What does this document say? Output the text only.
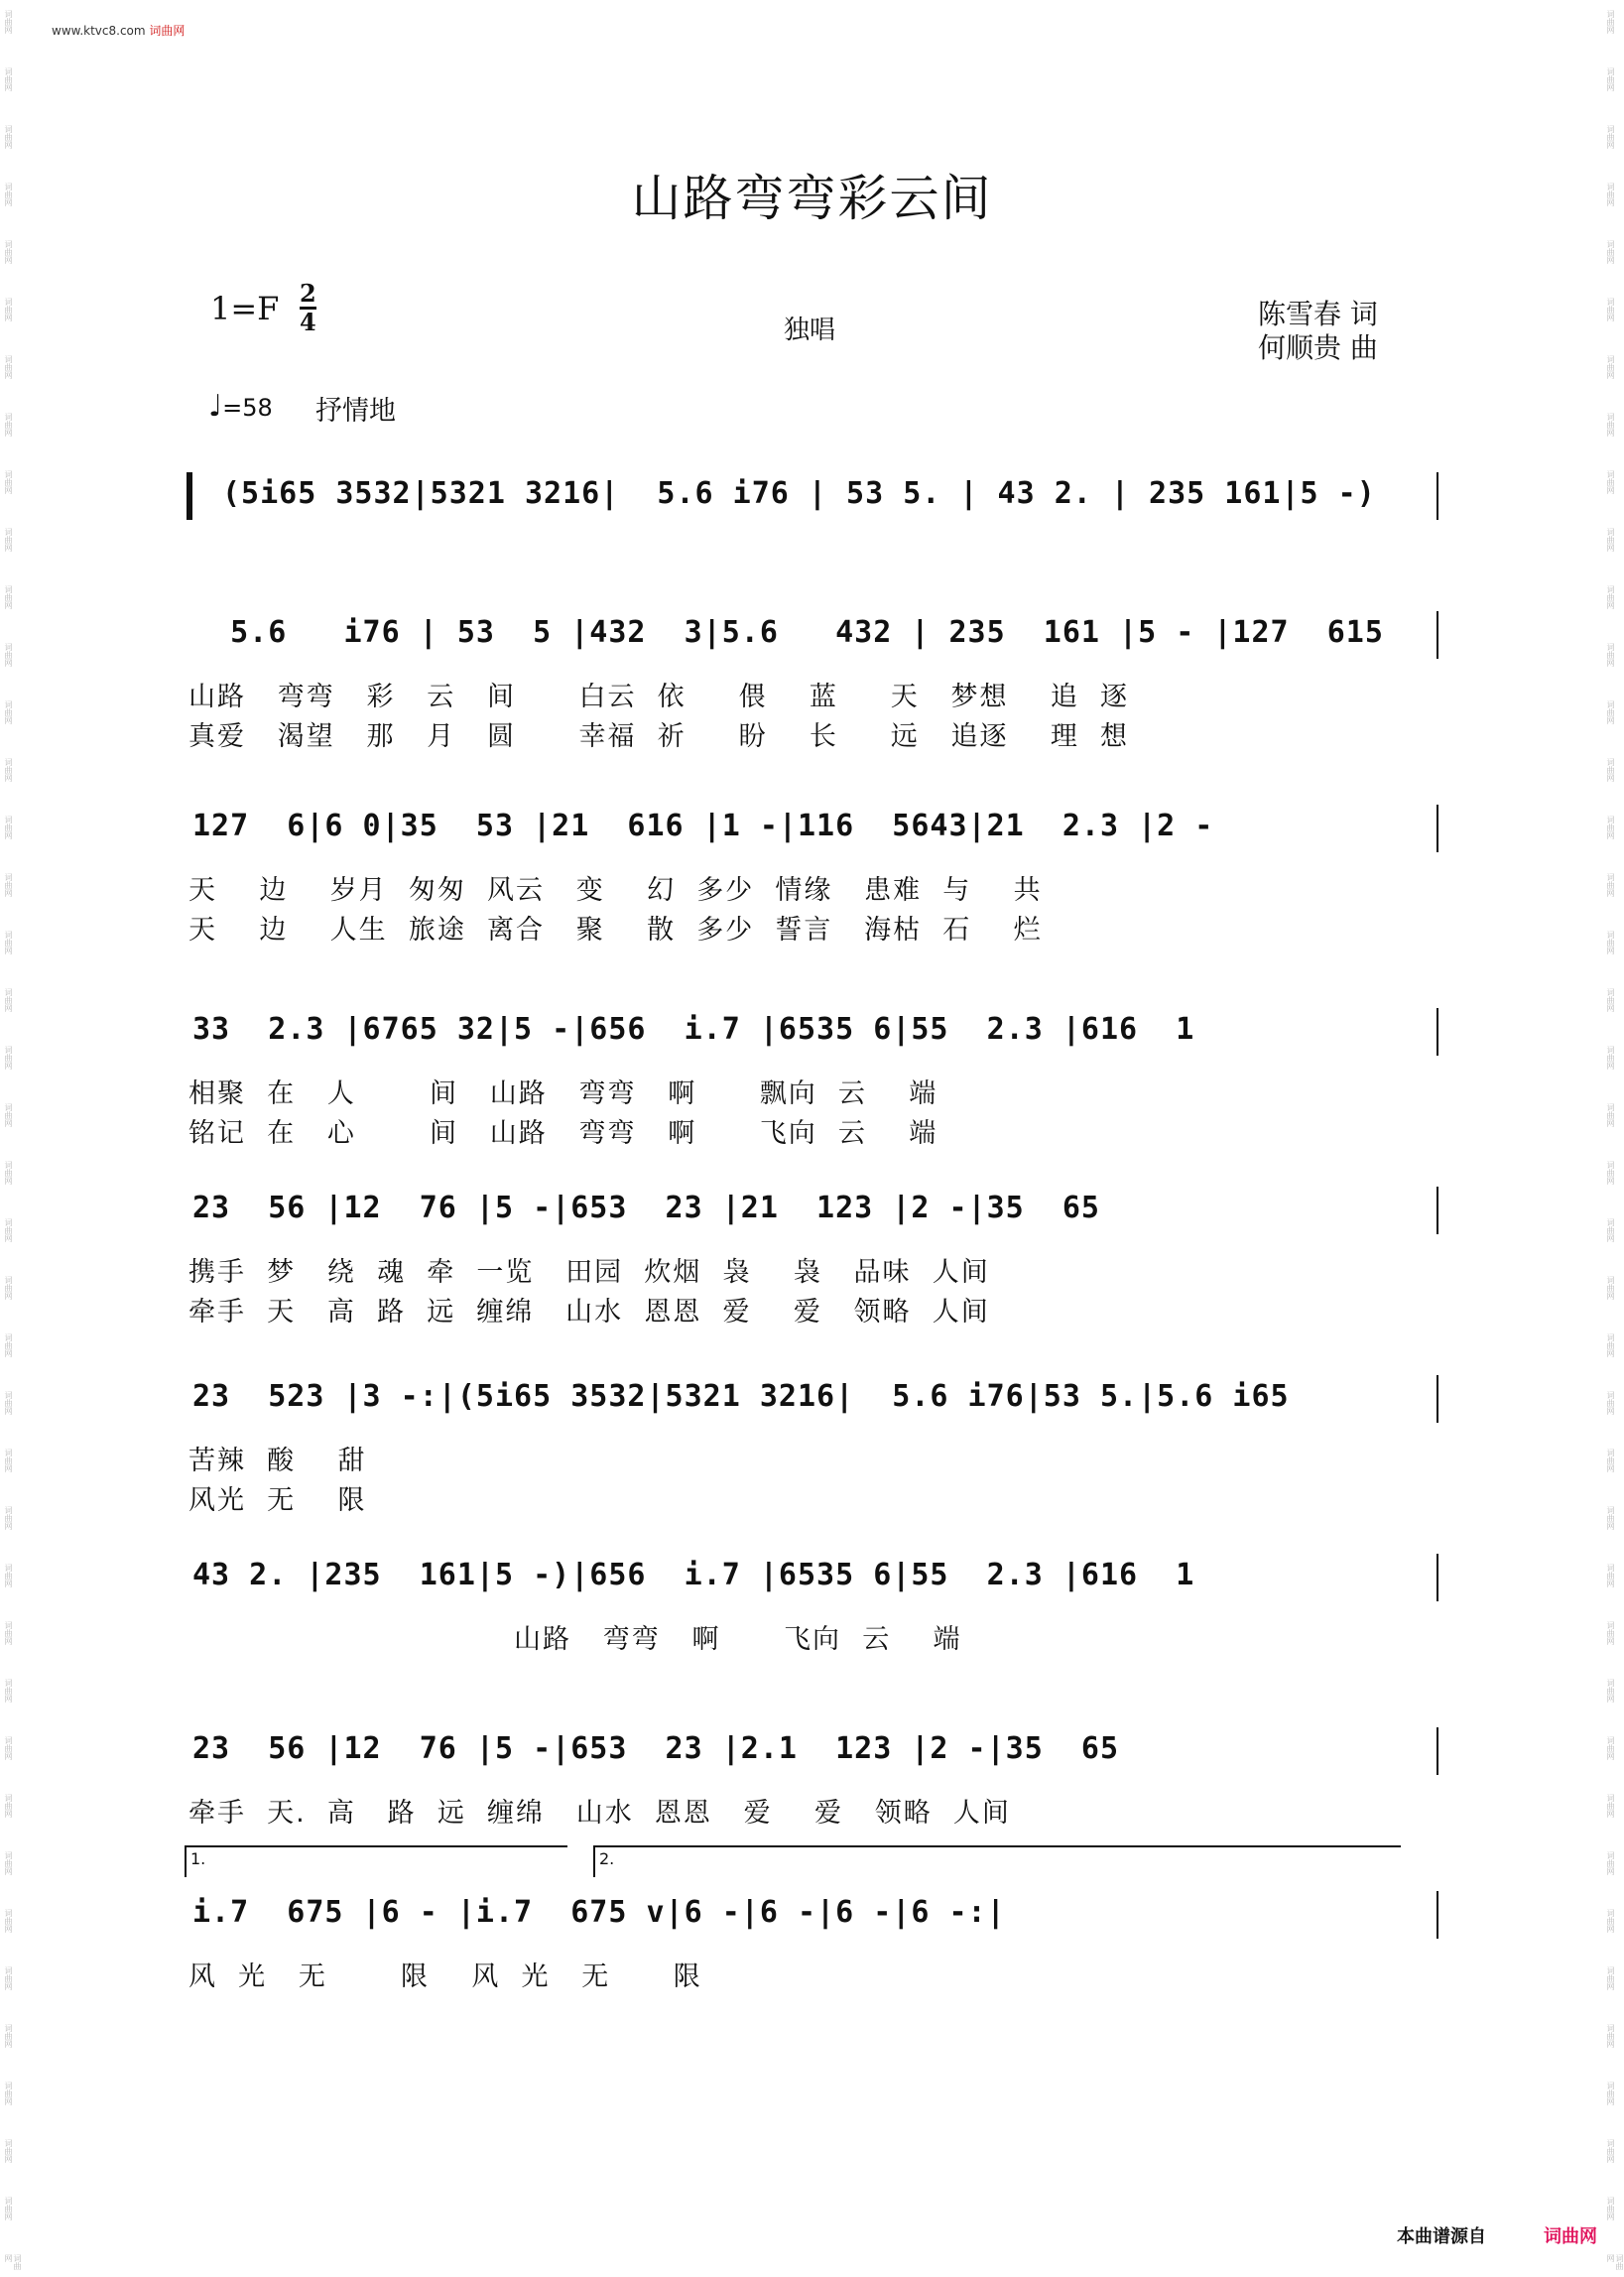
词曲网
词曲网
词曲网
词曲网
词曲网
词曲网
词曲网
词曲网
词曲网
词曲网
词曲网
词曲网
词曲网
词曲网
词曲网
词曲网
词曲网
词曲网
词曲网
词曲网
词曲网
词曲网
词曲网
词曲网
词曲网
词曲网
词曲网
词曲网
词曲网
词曲网
词曲网
词曲网
词曲网
词曲网
词曲网
词曲网
词曲网
词曲网
词曲网
词曲网
词曲网
词曲网
词曲网
词曲网
词曲网
词曲网
词曲网
词曲网
词曲网
词曲网
词曲网
词曲网
词曲网
词曲网
词曲网
词曲网
词曲网
词曲网
词曲网
词曲网
词曲网
词曲网
词曲网
词曲网
词曲网
词曲网
词曲网
词曲网
词曲网
词曲网
词曲网
词曲网
词曲网
词曲网
词曲网
词曲网
词曲网
词曲网
词曲网
词曲网
www.ktvc8.com 词曲网
山路弯弯彩云间
1=F 2
4	独唱	陈雪春 词
何顺贵 曲
♩=58 抒情地
(5i65 3532|5321 3216|  5.6 i76 | 53 5. | 43 2. | 235 161|5 -)
5.6   i76 | 53  5 |432  3|5.6   432 | 235  161 |5 - |127  615
山路   弯弯   彩   云   间      白云  依     偎    蓝     天   梦想    追  逐
真爱   渴望   那   月   圆      幸福  祈     盼    长     远   追逐    理  想
127  6|6 0|35  53 |21  616 |1 -|116  5643|21  2.3 |2 -
天    边    岁月  匆匆  风云   变    幻  多少  情缘   患难  与    共
天    边    人生  旅途  离合   聚    散  多少  誓言   海枯  石    烂
33  2.3 |6765 32|5 -|656  i.7 |6535 6|55  2.3 |616  1
相聚  在   人       间   山路   弯弯   啊      飘向  云    端
铭记  在   心       间   山路   弯弯   啊      飞向  云    端
23  56 |12  76 |5 -|653  23 |21  123 |2 -|35  65
携手  梦   绕  魂  牵  一览   田园  炊烟  袅    袅   品味  人间
牵手  天   高  路  远  缠绵   山水  恩恩  爱    爱   领略  人间
23  523 |3 -:|(5i65 3532|5321 3216|  5.6 i76|53 5.|5.6 i65
苦辣  酸    甜
风光  无    限
43 2. |235  161|5 -)|656  i.7 |6535 6|55  2.3 |616  1
山路   弯弯   啊      飞向  云    端
23  56 |12  76 |5 -|653  23 |2.1  123 |2 -|35  65
牵手  天.  高   路  远  缠绵   山水  恩恩   爱    爱   领略  人间
i.7  675 |6 - |i.7  675 v|6 -|6 -|6 -|6 -:|
风  光   无       限    风  光   无      限
1.	2.
本曲谱源自	词曲网
